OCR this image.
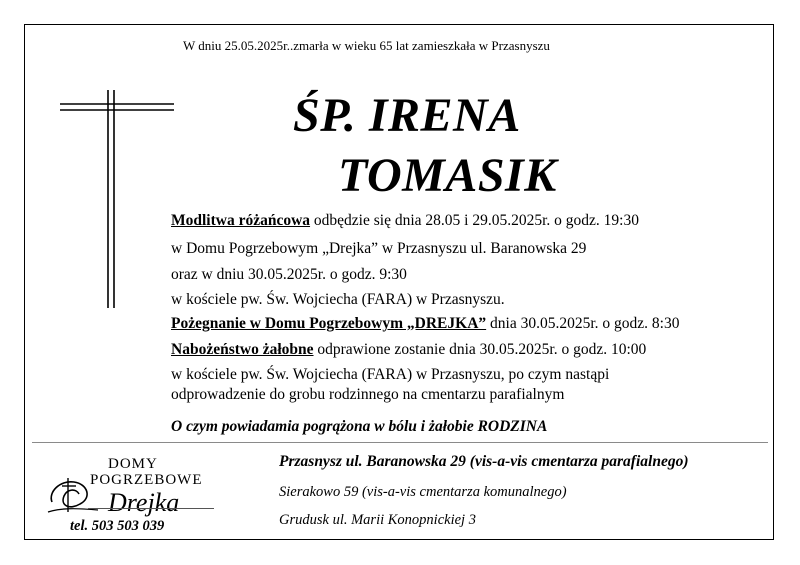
W dniu 25.05.2025r..zmarła w wieku 65 lat zamieszkała w Przasnyszu
ŚP. IRENA
TOMASIK
Modlitwa różańcowa odbędzie się dnia 28.05 i 29.05.2025r. o godz. 19:30
w Domu Pogrzebowym „Drejka” w Przasnyszu ul. Baranowska 29
oraz w dniu 30.05.2025r. o godz. 9:30
w kościele pw. Św. Wojciecha (FARA) w Przasnyszu.
Pożegnanie w Domu Pogrzebowym „DREJKA” dnia 30.05.2025r. o godz. 8:30
Nabożeństwo żałobne odprawione zostanie dnia 30.05.2025r. o godz. 10:00
w kościele pw. Św. Wojciecha (FARA) w Przasnyszu, po czym nastąpi
odprowadzenie do grobu rodzinnego na cmentarzu parafialnym
O czym powiadamia pogrążona w bólu i żałobie RODZINA
DOMY
POGRZEBOWE
Drejka
tel. 503 503 039
Przasnysz ul. Baranowska 29 (vis-a-vis cmentarza parafialnego)
Sierakowo 59 (vis-a-vis cmentarza komunalnego)
Grudusk ul. Marii Konopnickiej 3
